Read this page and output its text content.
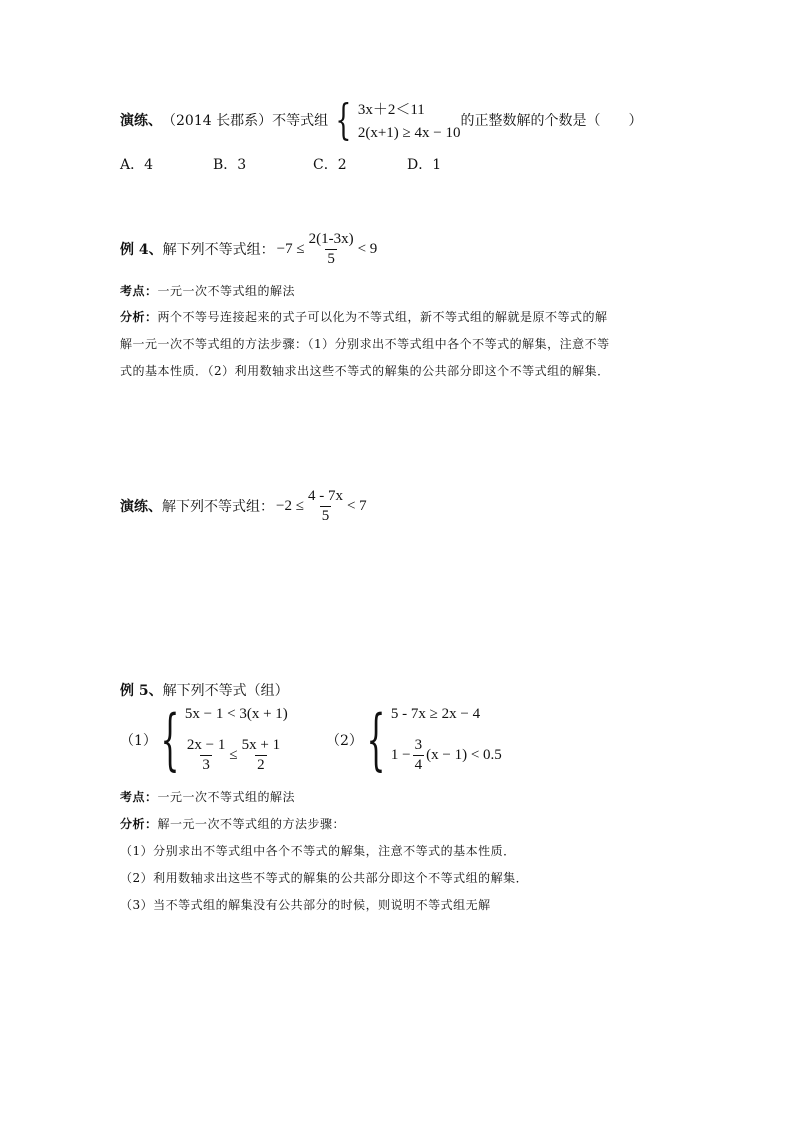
演练、 （2014 长郡系） 不等式组 { 3x＋2＜11
2(x+1) ≥ 4x − 10
的正整数解的个数是（　　）
A．4	B．3	C．2	D．1
例 4、 解下列不等式组： $-7 \le \frac{2(1-3x)}{5} < 9$
考点：一元一次不等式组的解法
分析：两个不等号连接起来的式子可以化为不等式组，新不等式组的解就是原不等式的解
解一元一次不等式组的方法步骤：（1）分别求出不等式组中各个不等式的解集，注意不等
式的基本性质．（2）利用数轴求出这些不等式的解集的公共部分即这个不等式组的解集．
演练、 解下列不等式组： $-2 \le \frac{4 - 7x}{5} < 7$
例 5、解下列不等式（组）
（1） { 5x − 1 < 3(x + 1)
$\frac{2x - 1}{3} \le \frac{5x + 1}{2}$	（2） { 5 - 7x ≥ 2x − 4
$1 - \frac{3}{4} (x - 1) < 0.5$
考点：一元一次不等式组的解法
分析：解一元一次不等式组的方法步骤：
（1）分别求出不等式组中各个不等式的解集，注意不等式的基本性质．
（2）利用数轴求出这些不等式的解集的公共部分即这个不等式组的解集．
（3）当不等式组的解集没有公共部分的时候，则说明不等式组无解
